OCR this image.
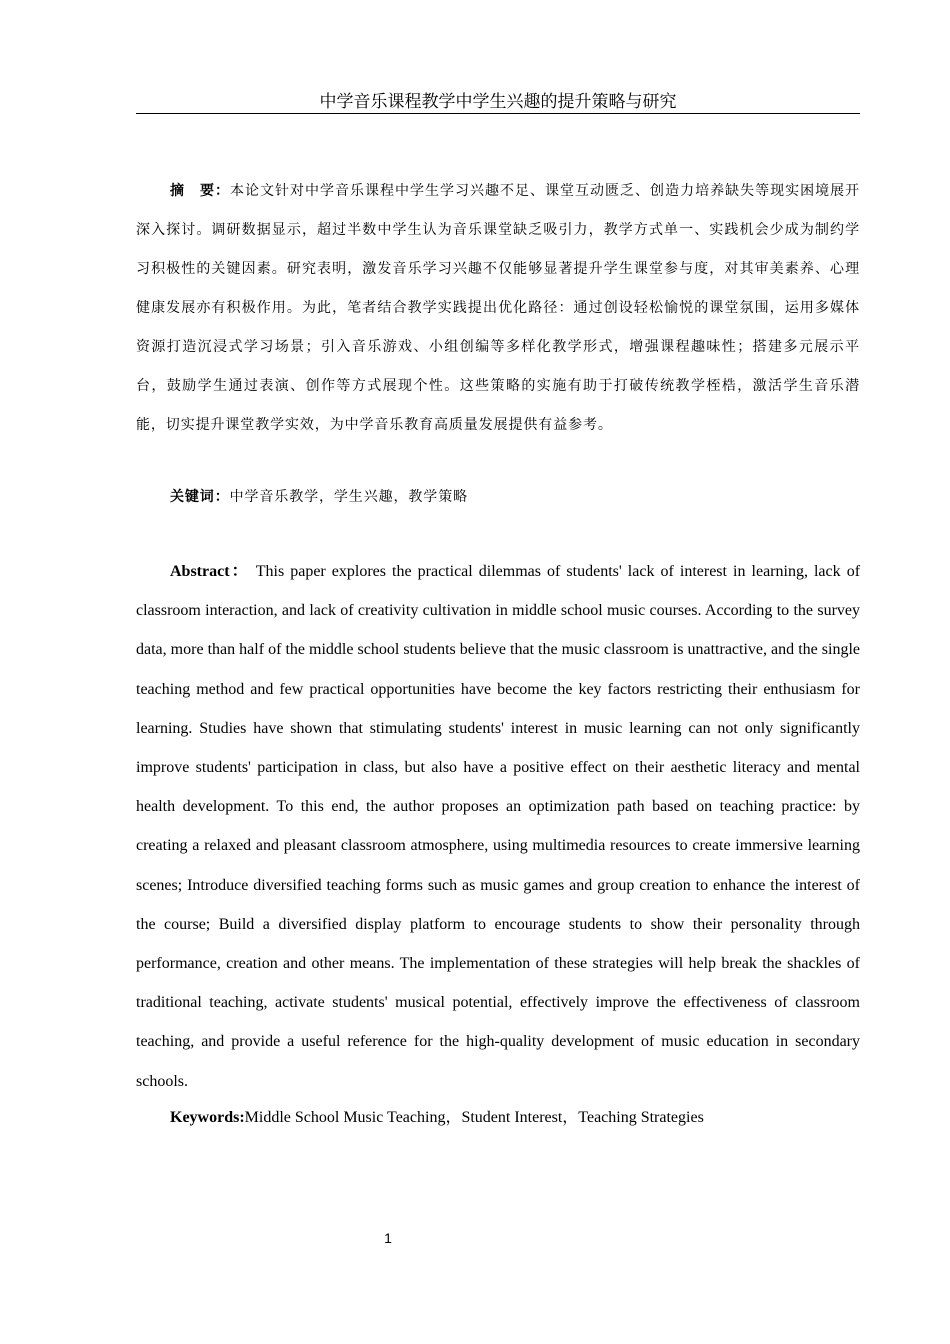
中学音乐课程教学中学生兴趣的提升策略与研究

摘　要：本论文针对中学音乐课程中学生学习兴趣不足、课堂互动匮乏、创造力培养缺失等现实困境展开深入探讨。调研数据显示，超过半数中学生认为音乐课堂缺乏吸引力，教学方式单一、实践机会少成为制约学习积极性的关键因素。研究表明，激发音乐学习兴趣不仅能够显著提升学生课堂参与度，对其审美素养、心理健康发展亦有积极作用。为此，笔者结合教学实践提出优化路径：通过创设轻松愉悦的课堂氛围，运用多媒体资源打造沉浸式学习场景；引入音乐游戏、小组创编等多样化教学形式，增强课程趣味性；搭建多元展示平台，鼓励学生通过表演、创作等方式展现个性。这些策略的实施有助于打破传统教学桎梏，激活学生音乐潜能，切实提升课堂教学实效，为中学音乐教育高质量发展提供有益参考。

关键词：中学音乐教学，学生兴趣，教学策略

Abstract： This paper explores the practical dilemmas of students' lack of interest in learning, lack of classroom interaction, and lack of creativity cultivation in middle school music courses. According to the survey data, more than half of the middle school students believe that the music classroom is unattractive, and the single teaching method and few practical opportunities have become the key factors restricting their enthusiasm for learning. Studies have shown that stimulating students' interest in music learning can not only significantly improve students' participation in class, but also have a positive effect on their aesthetic literacy and mental health development. To this end, the author proposes an optimization path based on teaching practice: by creating a relaxed and pleasant classroom atmosphere, using multimedia resources to create immersive learning scenes; Introduce diversified teaching forms such as music games and group creation to enhance the interest of the course; Build a diversified display platform to encourage students to show their personality through performance, creation and other means. The implementation of these strategies will help break the shackles of traditional teaching, activate students' musical potential, effectively improve the effectiveness of classroom teaching, and provide a useful reference for the high-quality development of music education in secondary schools.

Keywords:Middle School Music Teaching，Student Interest，Teaching Strategies

1
